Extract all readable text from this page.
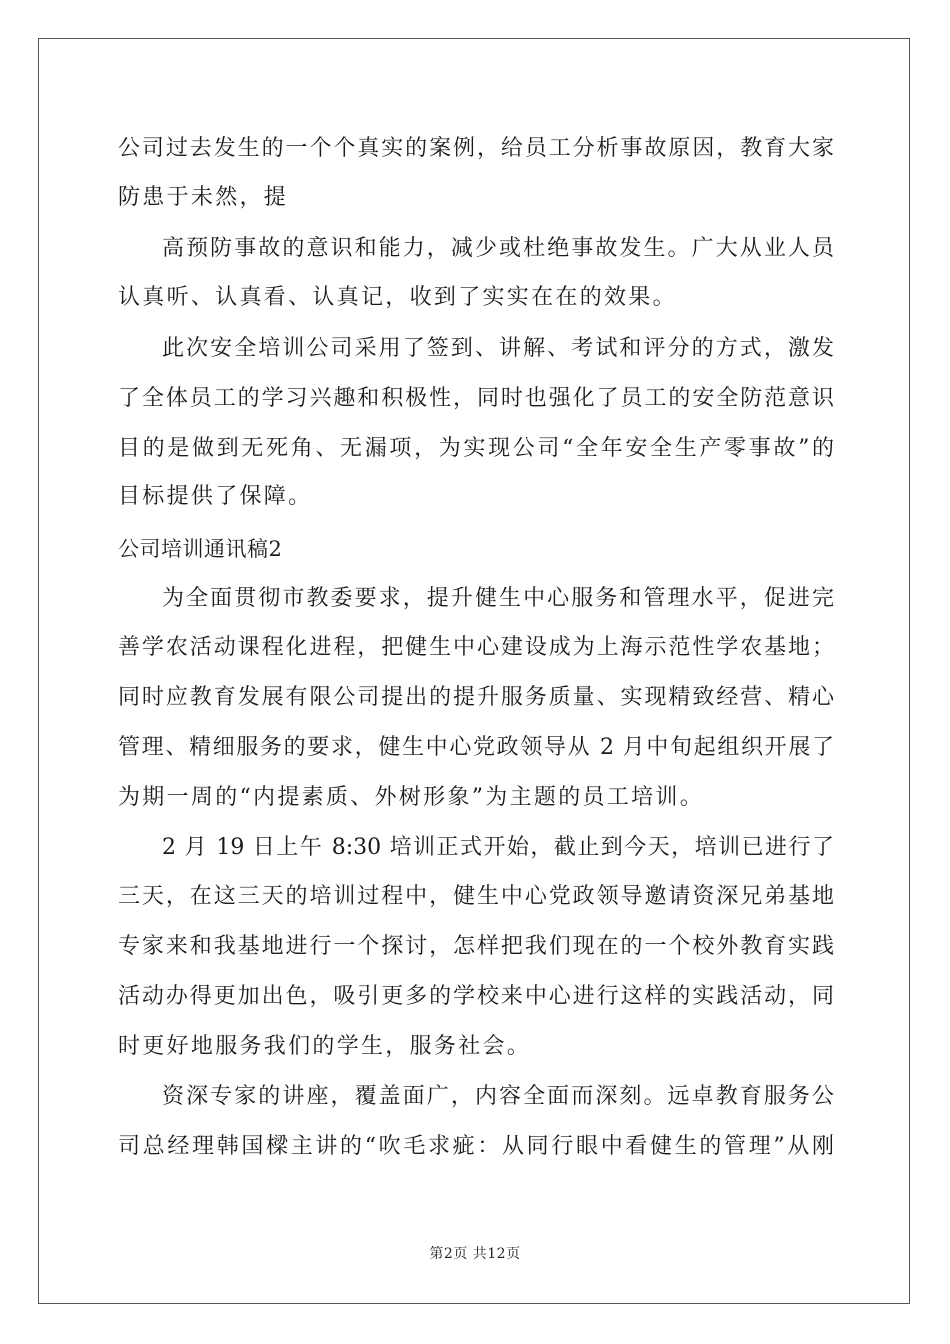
公司过去发生的一个个真实的案例，给员工分析事故原因，教育大家
防患于未然，提
高预防事故的意识和能力，减少或杜绝事故发生。广大从业人员
认真听、认真看、认真记，收到了实实在在的效果。
此次安全培训公司采用了签到、讲解、考试和评分的方式，激发
了全体员工的学习兴趣和积极性，同时也强化了员工的安全防范意识
目的是做到无死角、无漏项，为实现公司“全年安全生产零事故”的
目标提供了保障。
公司培训通讯稿2
为全面贯彻市教委要求，提升健生中心服务和管理水平，促进完
善学农活动课程化进程，把健生中心建设成为上海示范性学农基地；
同时应教育发展有限公司提出的提升服务质量、实现精致经营、精心
管理、精细服务的要求，健生中心党政领导从 2 月中旬起组织开展了
为期一周的“内提素质、外树形象”为主题的员工培训。
2 月 19 日上午 8:30 培训正式开始，截止到今天，培训已进行了
三天，在这三天的培训过程中，健生中心党政领导邀请资深兄弟基地
专家来和我基地进行一个探讨，怎样把我们现在的一个校外教育实践
活动办得更加出色，吸引更多的学校来中心进行这样的实践活动，同
时更好地服务我们的学生，服务社会。
资深专家的讲座，覆盖面广，内容全面而深刻。远卓教育服务公
司总经理韩国樑主讲的“吹毛求疵：从同行眼中看健生的管理”从刚
第2页 共12页
